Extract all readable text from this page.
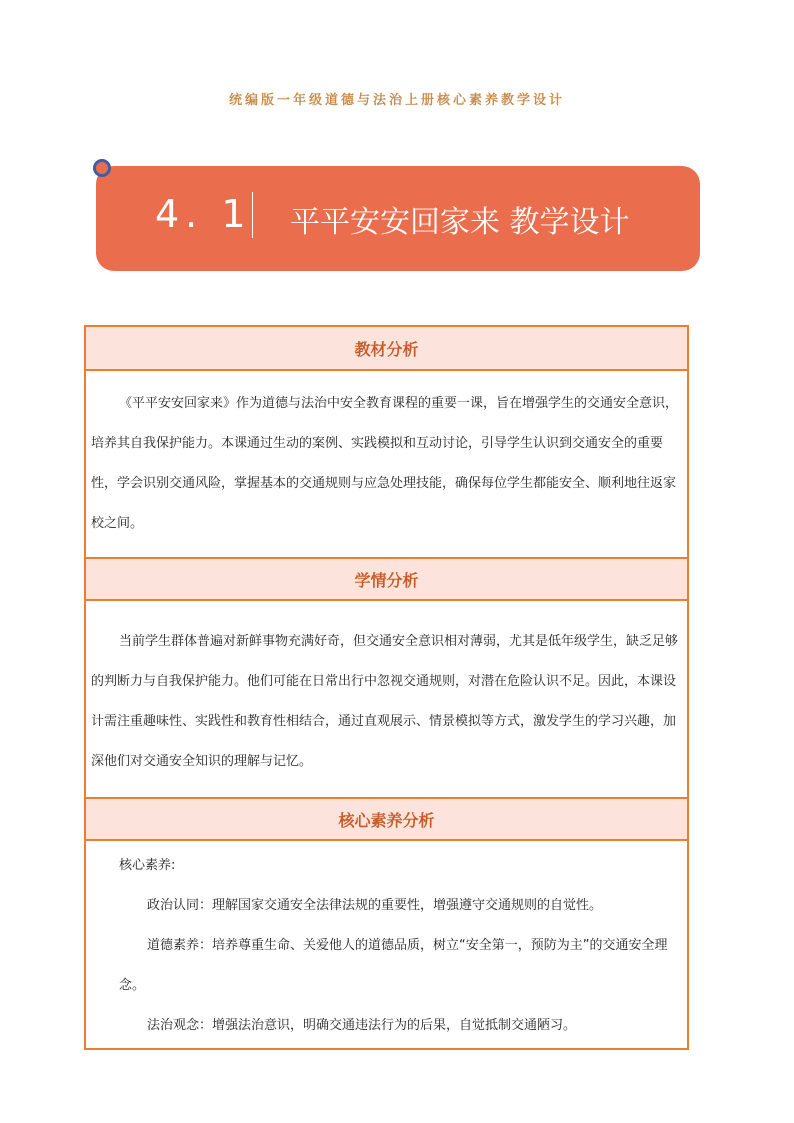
统编版一年级道德与法治上册核心素养教学设计
4. 1 平平安安回家来 教学设计
教材分析

《平平安安回家来》作为道德与法治中安全教育课程的重要一课，旨在增强学生的交通安全意识，培养其自我保护能力。本课通过生动的案例、实践模拟和互动讨论，引导学生认识到交通安全的重要性，学会识别交通风险，掌握基本的交通规则与应急处理技能，确保每位学生都能安全、顺利地往返家校之间。

学情分析

当前学生群体普遍对新鲜事物充满好奇，但交通安全意识相对薄弱，尤其是低年级学生，缺乏足够的判断力与自我保护能力。他们可能在日常出行中忽视交通规则，对潜在危险认识不足。因此，本课设计需注重趣味性、实践性和教育性相结合，通过直观展示、情景模拟等方式，激发学生的学习兴趣，加深他们对交通安全知识的理解与记忆。

核心素养分析

核心素养:

政治认同：理解国家交通安全法律法规的重要性，增强遵守交通规则的自觉性。

道德素养：培养尊重生命、关爱他人的道德品质，树立“安全第一，预防为主”的交通安全理念。

法治观念：增强法治意识，明确交通违法行为的后果，自觉抵制交通陋习。
